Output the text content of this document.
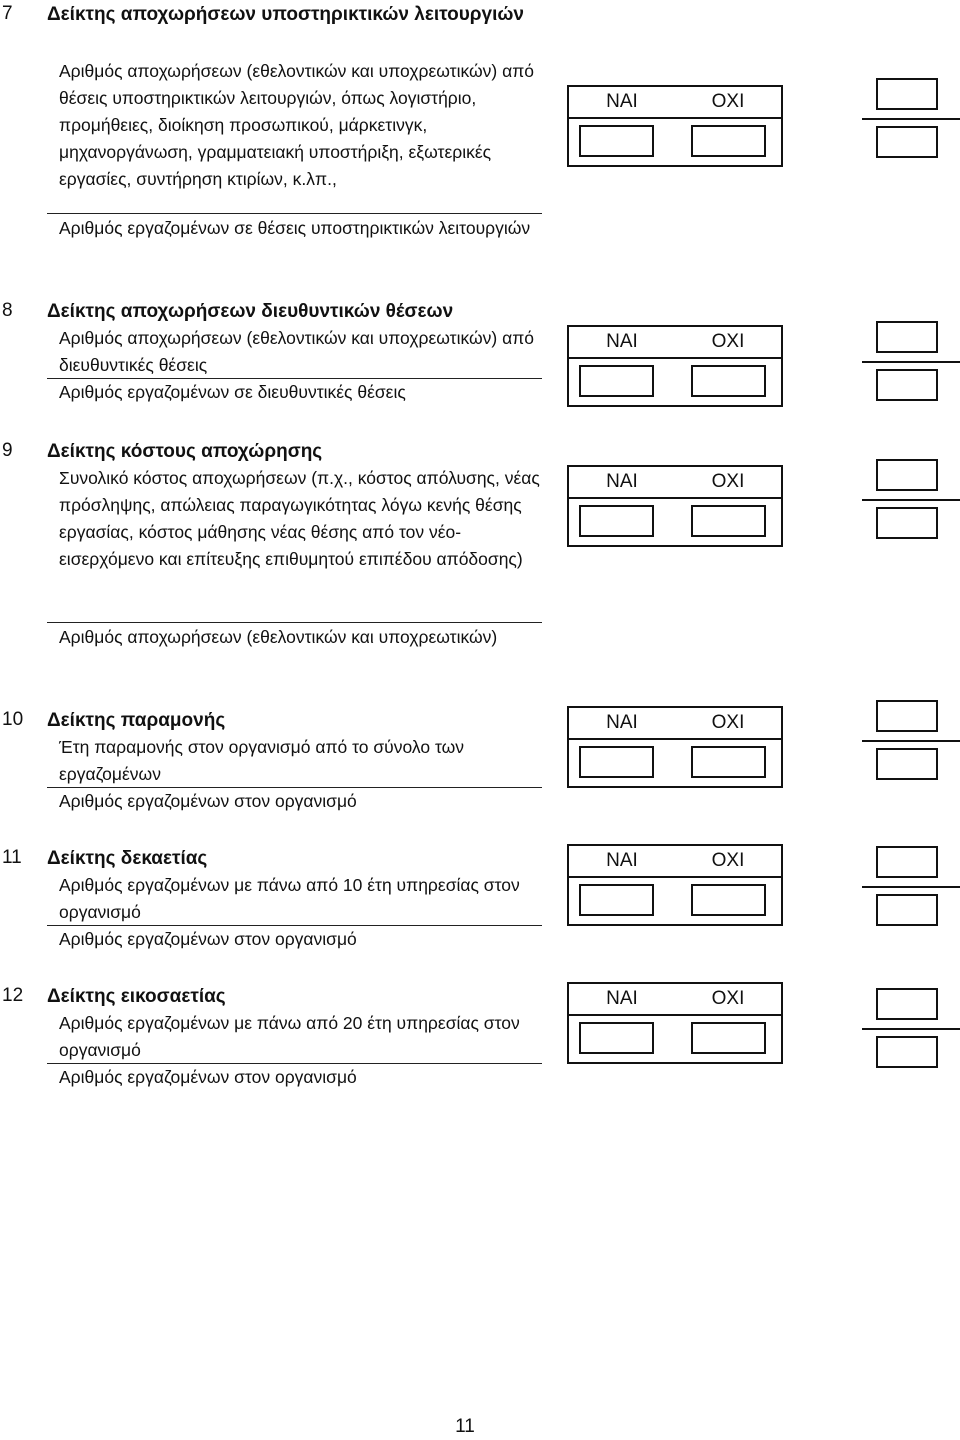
7 Δείκτης αποχωρήσεων υποστηρικτικών λειτουργιών
Αριθμός αποχωρήσεων (εθελοντικών και υποχρεωτικών) από θέσεις υποστηρικτικών λειτουργιών, όπως λογιστήριο, προμήθειες, διοίκηση προσωπικού, μάρκετινγκ, μηχανοργάνωση, γραμματειακή υποστήριξη, εξωτερικές εργασίες, συντήρηση κτιρίων, κ.λπ.,
Αριθμός εργαζομένων σε θέσεις υποστηρικτικών λειτουργιών
ΝΑΙ	ΟΧΙ
8 Δείκτης αποχωρήσεων διευθυντικών θέσεων
Αριθμός αποχωρήσεων (εθελοντικών και υποχρεωτικών) από διευθυντικές θέσεις
Αριθμός εργαζομένων σε διευθυντικές θέσεις
ΝΑΙ	ΟΧΙ
9 Δείκτης κόστους αποχώρησης
Συνολικό κόστος αποχωρήσεων (π.χ., κόστος απόλυσης, νέας πρόσληψης, απώλειας παραγωγικότητας λόγω κενής θέσης εργασίας, κόστος μάθησης νέας θέσης από τον νέο-εισερχόμενο και επίτευξης επιθυμητού επιπέδου απόδοσης)
Αριθμός αποχωρήσεων (εθελοντικών και υποχρεωτικών)
ΝΑΙ	ΟΧΙ
10 Δείκτης παραμονής
Έτη παραμονής στον οργανισμό από το σύνολο των εργαζομένων
Αριθμός εργαζομένων στον οργανισμό
ΝΑΙ	ΟΧΙ
11 Δείκτης δεκαετίας
Αριθμός εργαζομένων με πάνω από 10 έτη υπηρεσίας στον οργανισμό
Αριθμός εργαζομένων στον οργανισμό
ΝΑΙ	ΟΧΙ
12 Δείκτης εικοσαετίας
Αριθμός εργαζομένων με πάνω από 20 έτη υπηρεσίας στον οργανισμό
Αριθμός εργαζομένων στον οργανισμό
ΝΑΙ	ΟΧΙ
11
